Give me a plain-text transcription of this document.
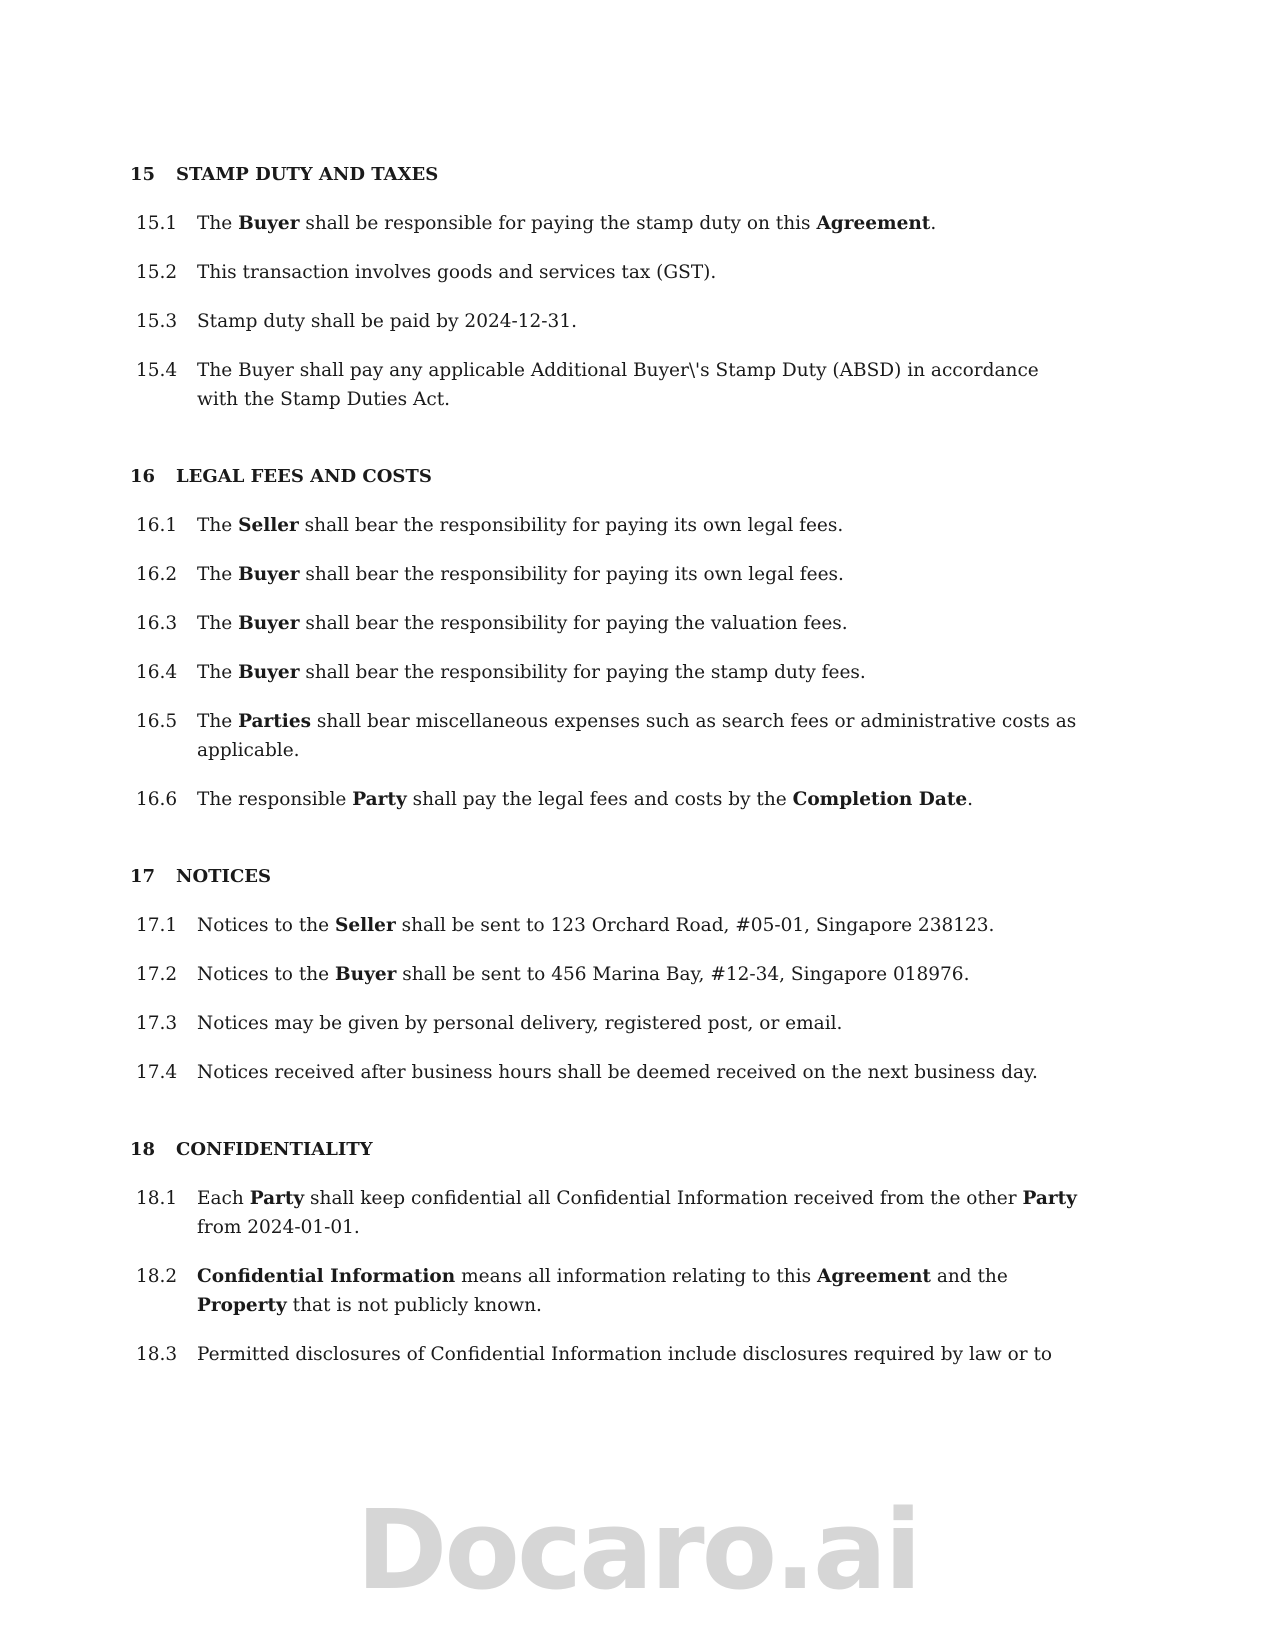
15	STAMP DUTY AND TAXES
15.1	The Buyer shall be responsible for paying the stamp duty on this Agreement.
15.2	This transaction involves goods and services tax (GST).
15.3	Stamp duty shall be paid by 2024-12-31.
15.4	The Buyer shall pay any applicable Additional Buyer\'s Stamp Duty (ABSD) in accordance with the Stamp Duties Act.
16	LEGAL FEES AND COSTS
16.1	The Seller shall bear the responsibility for paying its own legal fees.
16.2	The Buyer shall bear the responsibility for paying its own legal fees.
16.3	The Buyer shall bear the responsibility for paying the valuation fees.
16.4	The Buyer shall bear the responsibility for paying the stamp duty fees.
16.5	The Parties shall bear miscellaneous expenses such as search fees or administrative costs as applicable.
16.6	The responsible Party shall pay the legal fees and costs by the Completion Date.
17	NOTICES
17.1	Notices to the Seller shall be sent to 123 Orchard Road, #05-01, Singapore 238123.
17.2	Notices to the Buyer shall be sent to 456 Marina Bay, #12-34, Singapore 018976.
17.3	Notices may be given by personal delivery, registered post, or email.
17.4	Notices received after business hours shall be deemed received on the next business day.
18	CONFIDENTIALITY
18.1	Each Party shall keep confidential all Confidential Information received from the other Party from 2024-01-01.
18.2	Confidential Information means all information relating to this Agreement and the Property that is not publicly known.
18.3	Permitted disclosures of Confidential Information include disclosures required by law or to
Docaro.ai
